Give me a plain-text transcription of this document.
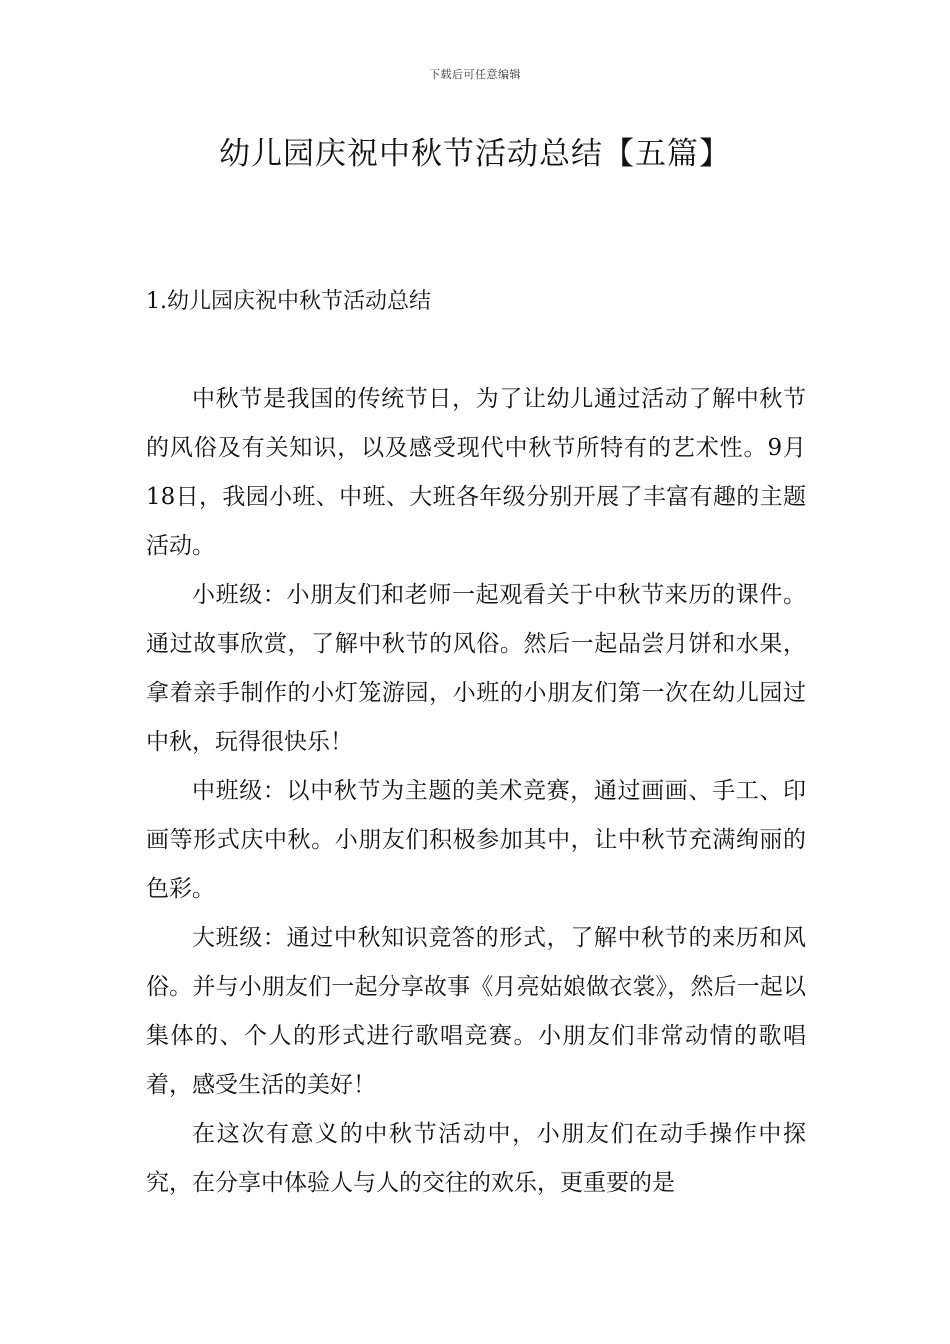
下载后可任意编辑
幼儿园庆祝中秋节活动总结【五篇】
1.幼儿园庆祝中秋节活动总结

中秋节是我国的传统节日，为了让幼儿通过活动了解中秋节的风俗及有关知识，以及感受现代中秋节所特有的艺术性。9月18日，我园小班、中班、大班各年级分别开展了丰富有趣的主题活动。

小班级：小朋友们和老师一起观看关于中秋节来历的课件。通过故事欣赏，了解中秋节的风俗。然后一起品尝月饼和水果，拿着亲手制作的小灯笼游园，小班的小朋友们第一次在幼儿园过中秋，玩得很快乐！

中班级：以中秋节为主题的美术竞赛，通过画画、手工、印画等形式庆中秋。小朋友们积极参加其中，让中秋节充满绚丽的色彩。

大班级：通过中秋知识竞答的形式，了解中秋节的来历和风俗。并与小朋友们一起分享故事《月亮姑娘做衣裳》，然后一起以集体的、个人的形式进行歌唱竞赛。小朋友们非常动情的歌唱着，感受生活的美好！

在这次有意义的中秋节活动中，小朋友们在动手操作中探究，在分享中体验人与人的交往的欢乐，更重要的是
